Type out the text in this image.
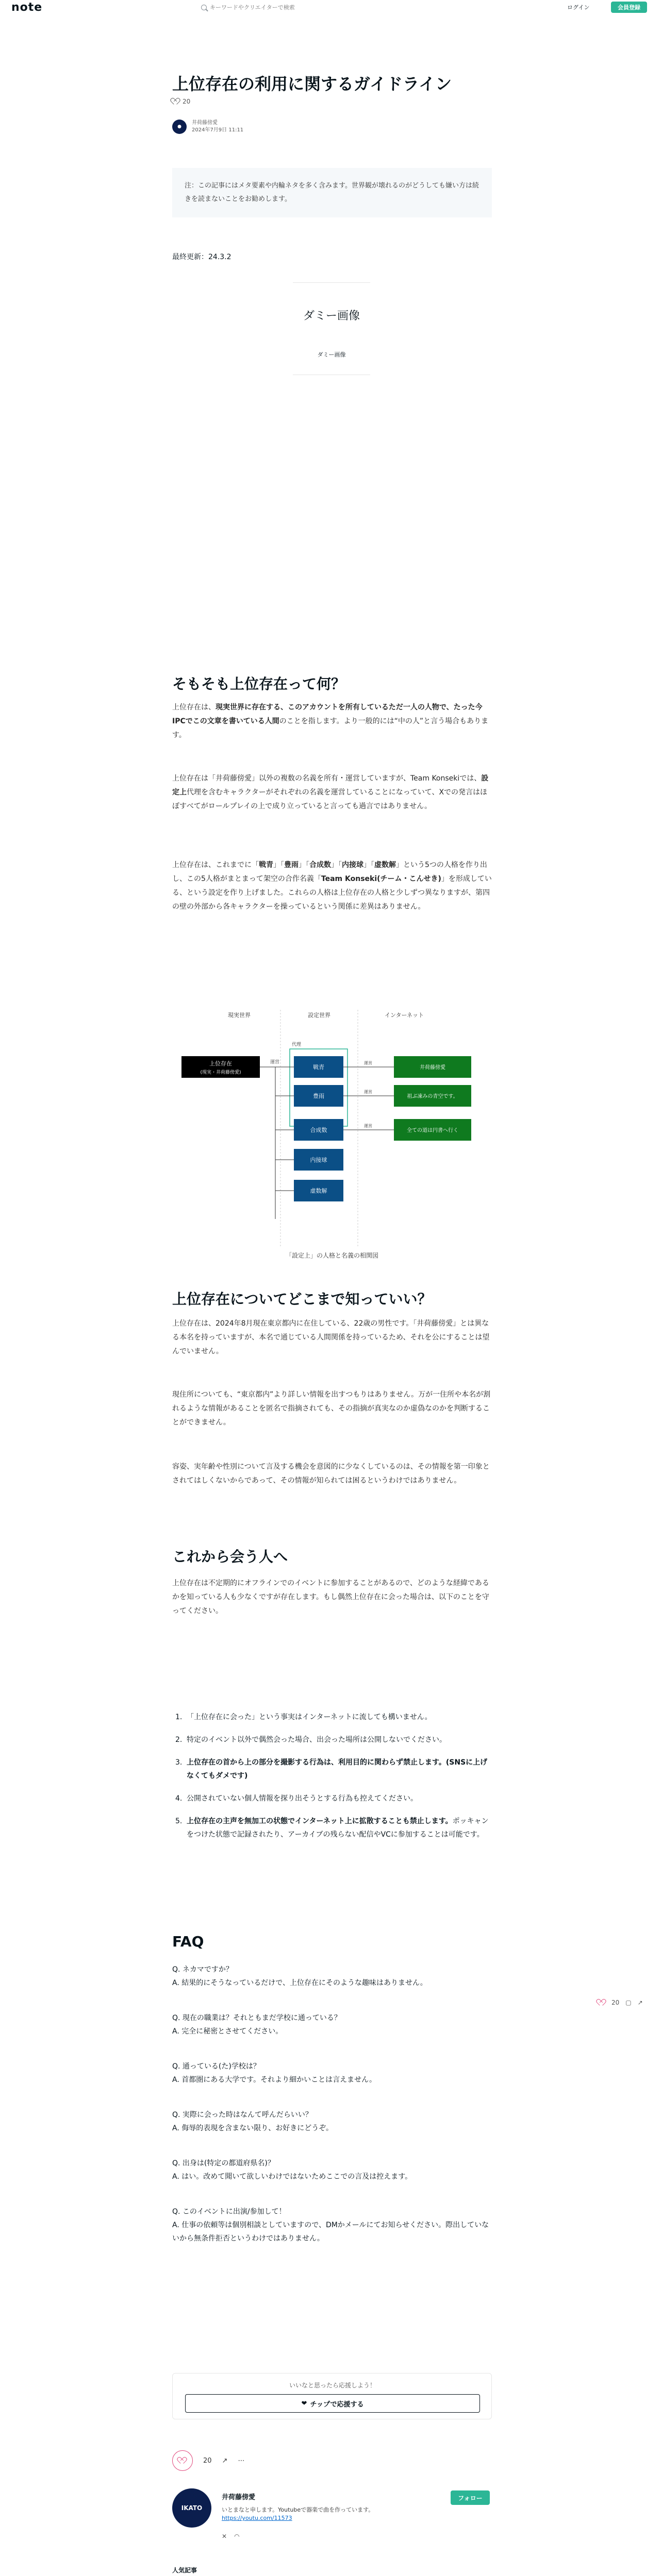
note
キーワードやクリエイターで検索	ログイン	会員登録
上位存在の利用に関するガイドライン
20
●
井荷藤傍愛
2024年7月9日 11:11
注：この記事にはメタ要素や内輪ネタを多く含みます。世界観が壊れるのがどうしても嫌い方は続きを読まないことをお勧めします。
最終更新：24.3.2
ダミー画像
ダミー画像
そもそも上位存在って何？
上位存在は、現実世界に存在する、このアカウントを所有しているただ一人の人物で、たった今IPCでこの文章を書いている人間のことを指します。より一般的には“中の人”と言う場合もあります。
上位存在は「井荷藤傍愛」以外の複数の名義を所有・運営していますが、Team Konsekiでは、設定上代理を含むキャラクターがそれぞれの名義を運営していることになっていて、Xでの発言はほぼすべてがロールプレイの上で成り立っていると言っても過言ではありません。
上位存在は、これまでに「戦青」「豊雨」「合成数」「内接球」「虚数解」という5つの人格を作り出し、この5人格がまとまって架空の合作名義「Team Konseki(チーム・こんせき)」を形成している、という設定を作り上げました。これらの人格は上位存在の人格と少しずつ異なりますが、第四の壁の外部から各キャラクターを操っているという関係に差異はありません。
現実世界	設定世界	インターネット
上位存在
(現実・井荷藤傍愛)
代理
運営
戦青
豊雨
合成数
内接球
虚数解
運営
井荷藤傍愛
運営
祖ぶ凍みの青空です。
運営
全ての道は円書へ行く
「設定上」の人格と名義の相関図
上位存在についてどこまで知っていい？
上位存在は、2024年8月現在東京都内に在住している、22歳の男性です。「井荷藤傍愛」とは異なる本名を持っていますが、本名で通じている人間関係を持っているため、それを公にすることは望んでいません。
現住所についても、“東京都内”より詳しい情報を出すつもりはありません。万が一住所や本名が割れるような情報があることを匿名で指摘されても、その指摘が真実なのか虚偽なのかを判断することができません。
容姿、実年齢や性別について言及する機会を意図的に少なくしているのは、その情報を第一印象とされてはしくないからであって、その情報が知られては困るというわけではありません。
これから会う人へ
上位存在は不定期的にオフラインでのイベントに参加することがあるので、どのような経緯であるかを知っている人も少なくですが存在します。もし偶然上位存在に会った場合は、以下のことを守ってください。
1. 「上位存在に会った」という事実はインターネットに流しても構いません。
2. 特定のイベント以外で偶然会った場合、出会った場所は公開しないでください。
3. 上位存在の首から上の部分を撮影する行為は、利用目的に関わらず禁止します。(SNSに上げなくてもダメです)
4. 公開されていない個人情報を探り出そうとする行為も控えてください。
5. 上位存在の主声を無加工の状態でインターネット上に拡散することも禁止します。ポッキャンをつけた状態で記録されたり、アーカイブの残らない配信やVCに参加することは可能です。
FAQ
Q. ネカマですか？
A. 結果的にそうなっているだけで、上位存在にそのような趣味はありません。
Q. 現在の職業は？それともまだ学校に通っている？
A. 完全に秘密とさせてください。
Q. 通っている(た)学校は？
A. 首都圏にある大学です。それより細かいことは言えません。
Q. 実際に会った時はなんて呼んだらいい？
A. 侮辱的表現を含まない限り、お好きにどうぞ。
Q. 出身は(特定の都道府県名)？
A. はい。改めて聞いて欲しいわけではないためここでの言及は控えます。
Q. このイベントに出演/参加して！
A. 仕事の依頼等は個別相談としていますので、DMかメールにてお知らせください。際出していないから無条件拒否というわけではありません。
20 ▢ ↗
いいなと思ったら応援しよう！
❤ チップで応援する
20 ↗ ⋯
IKATO
井荷藤傍愛
いとまなと申します。Youtubeで器楽で曲を作っています。
https://youtu.com/11573
フォロー
✕ ◠
人気記事
